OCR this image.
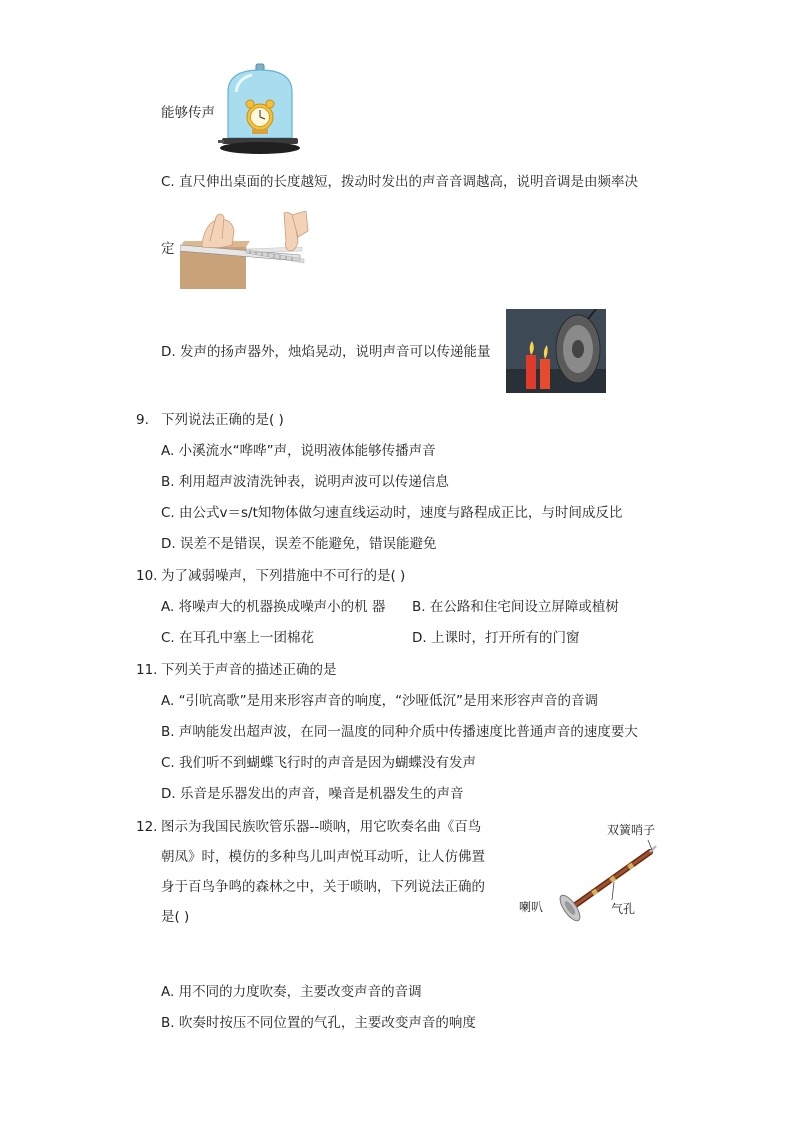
能够传声
C. 直尺伸出桌面的长度越短，拨动时发出的声音音调越高，说明音调是由频率决
定
D. 发声的扬声器外，烛焰晃动，说明声音可以传递能量
9. 下列说法正确的是( )
A. 小溪流水“哗哗”声，说明液体能够传播声音
B. 利用超声波清洗钟表，说明声波可以传递信息
C. 由公式v＝s/t知物体做匀速直线运动时，速度与路程成正比，与时间成反比
D. 误差不是错误，误差不能避免，错误能避免
10. 为了减弱噪声，下列措施中不可行的是( )
A. 将噪声大的机器换成噪声小的机 器 B. 在公路和住宅间设立屏障或植树
C. 在耳孔中塞上一团棉花	D. 上课时，打开所有的门窗
11. 下列关于声音的描述正确的是
A. “引吭高歌”是用来形容声音的响度，“沙哑低沉”是用来形容声音的音调
B. 声呐能发出超声波，在同一温度的同种介质中传播速度比普通声音的速度要大
C. 我们听不到蝴蝶飞行时的声音是因为蝴蝶没有发声
D. 乐音是乐器发出的声音，噪音是机器发生的声音
12. 图示为我国民族吹管乐器--唢呐，用它吹奏名曲《百鸟
朝凤》时，模仿的多种鸟儿叫声悦耳动听，让人仿佛置
身于百鸟争鸣的森林之中，关于唢呐，下列说法正确的
是( )
双簧哨子
喇叭	气孔
A. 用不同的力度吹奏，主要改变声音的音调
B. 吹奏时按压不同位置的气孔，主要改变声音的响度
